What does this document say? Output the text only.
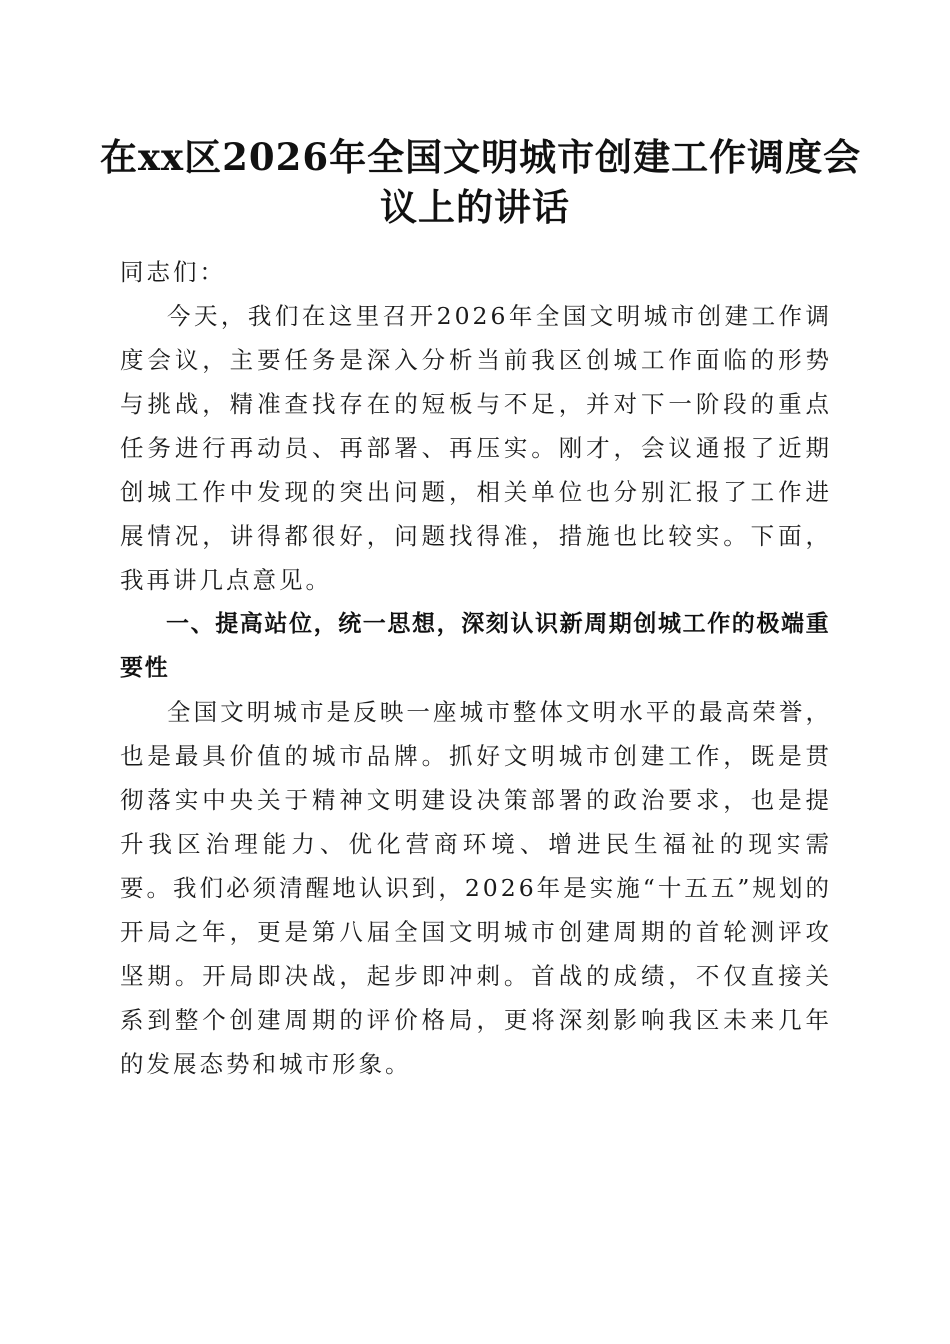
在xx区2026年全国文明城市创建工作调度会
议上的讲话

同志们：

今天，我们在这里召开2026年全国文明城市创建工作调度会议，主要任务是深入分析当前我区创城工作面临的形势与挑战，精准查找存在的短板与不足，并对下一阶段的重点任务进行再动员、再部署、再压实。刚才，会议通报了近期创城工作中发现的突出问题，相关单位也分别汇报了工作进展情况，讲得都很好，问题找得准，措施也比较实。下面，我再讲几点意见。

一、提高站位，统一思想，深刻认识新周期创城工作的极端重要性

全国文明城市是反映一座城市整体文明水平的最高荣誉，也是最具价值的城市品牌。抓好文明城市创建工作，既是贯彻落实中央关于精神文明建设决策部署的政治要求，也是提升我区治理能力、优化营商环境、增进民生福祉的现实需要。我们必须清醒地认识到，2026年是实施“十五五”规划的开局之年，更是第八届全国文明城市创建周期的首轮测评攻坚期。开局即决战，起步即冲刺。首战的成绩，不仅直接关系到整个创建周期的评价格局，更将深刻影响我区未来几年的发展态势和城市形象。
